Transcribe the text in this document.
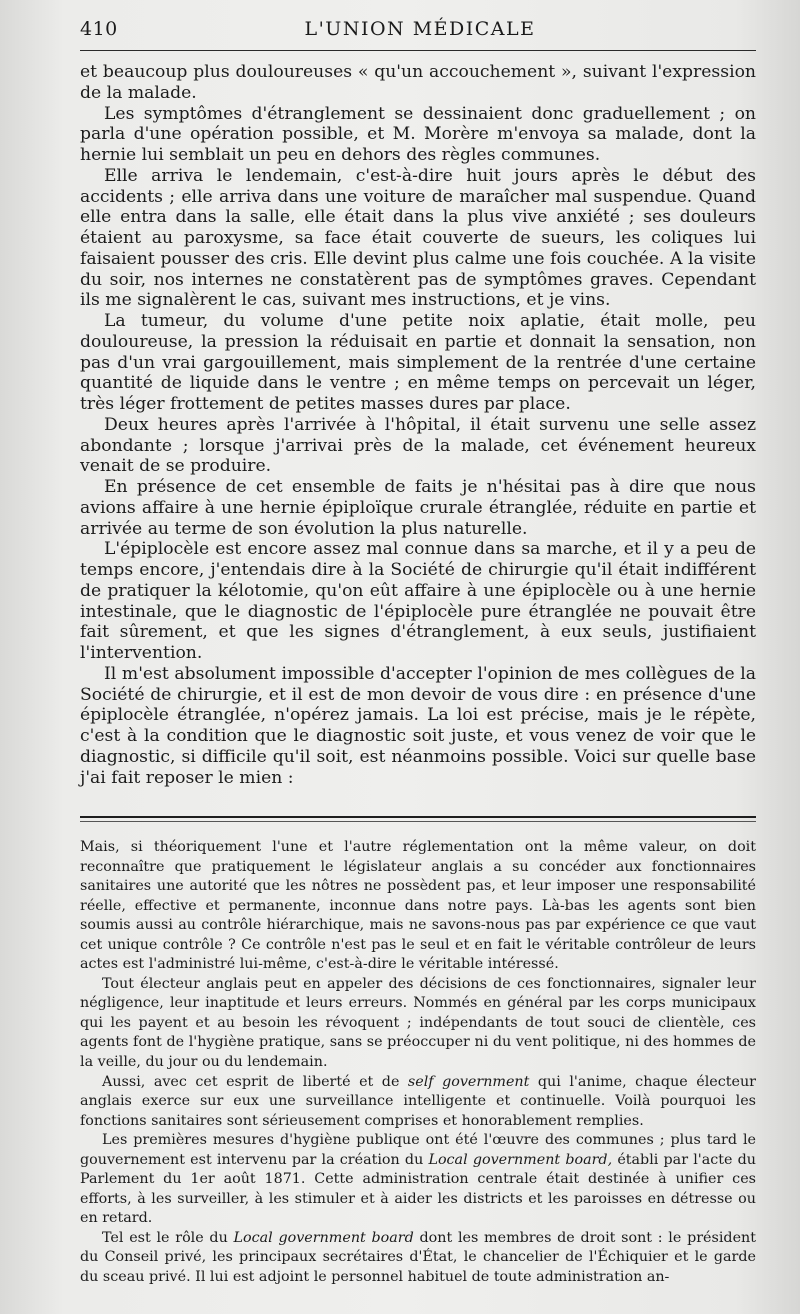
410	L'UNION MÉDICALE

et beaucoup plus douloureuses « qu'un accouchement », suivant l'expression de la malade.

Les symptômes d'étranglement se dessinaient donc graduellement ; on parla d'une opération possible, et M. Morère m'envoya sa malade, dont la hernie lui semblait un peu en dehors des règles communes.

Elle arriva le lendemain, c'est-à-dire huit jours après le début des accidents ; elle arriva dans une voiture de maraîcher mal suspendue. Quand elle entra dans la salle, elle était dans la plus vive anxiété ; ses douleurs étaient au paroxysme, sa face était couverte de sueurs, les coliques lui faisaient pousser des cris. Elle devint plus calme une fois couchée. A la visite du soir, nos internes ne constatèrent pas de symptômes graves. Cependant ils me signalèrent le cas, suivant mes instructions, et je vins.

La tumeur, du volume d'une petite noix aplatie, était molle, peu douloureuse, la pression la réduisait en partie et donnait la sensation, non pas d'un vrai gargouillement, mais simplement de la rentrée d'une certaine quantité de liquide dans le ventre ; en même temps on percevait un léger, très léger frottement de petites masses dures par place.

Deux heures après l'arrivée à l'hôpital, il était survenu une selle assez abondante ; lorsque j'arrivai près de la malade, cet événement heureux venait de se produire.

En présence de cet ensemble de faits je n'hésitai pas à dire que nous avions affaire à une hernie épiploïque crurale étranglée, réduite en partie et arrivée au terme de son évolution la plus naturelle.

L'épiplocèle est encore assez mal connue dans sa marche, et il y a peu de temps encore, j'entendais dire à la Société de chirurgie qu'il était indifférent de pratiquer la kélotomie, qu'on eût affaire à une épiplocèle ou à une hernie intestinale, que le diagnostic de l'épiplocèle pure étranglée ne pouvait être fait sûrement, et que les signes d'étranglement, à eux seuls, justifiaient l'intervention.

Il m'est absolument impossible d'accepter l'opinion de mes collègues de la Société de chirurgie, et il est de mon devoir de vous dire : en présence d'une épiplocèle étranglée, n'opérez jamais. La loi est précise, mais je le répète, c'est à la condition que le diagnostic soit juste, et vous venez de voir que le diagnostic, si difficile qu'il soit, est néanmoins possible. Voici sur quelle base j'ai fait reposer le mien :

Mais, si théoriquement l'une et l'autre réglementation ont la même valeur, on doit reconnaître que pratiquement le législateur anglais a su concéder aux fonctionnaires sanitaires une autorité que les nôtres ne possèdent pas, et leur imposer une responsabilité réelle, effective et permanente, inconnue dans notre pays. Là-bas les agents sont bien soumis aussi au contrôle hiérarchique, mais ne savons-nous pas par expérience ce que vaut cet unique contrôle ? Ce contrôle n'est pas le seul et en fait le véritable contrôleur de leurs actes est l'administré lui-même, c'est-à-dire le véritable intéressé.

Tout électeur anglais peut en appeler des décisions de ces fonctionnaires, signaler leur négligence, leur inaptitude et leurs erreurs. Nommés en général par les corps municipaux qui les payent et au besoin les révoquent ; indépendants de tout souci de clientèle, ces agents font de l'hygiène pratique, sans se préoccuper ni du vent politique, ni des hommes de la veille, du jour ou du lendemain.

Aussi, avec cet esprit de liberté et de self government qui l'anime, chaque électeur anglais exerce sur eux une surveillance intelligente et continuelle. Voilà pourquoi les fonctions sanitaires sont sérieusement comprises et honorablement remplies.

Les premières mesures d'hygiène publique ont été l'œuvre des communes ; plus tard le gouvernement est intervenu par la création du Local government board, établi par l'acte du Parlement du 1er août 1871. Cette administration centrale était destinée à unifier ces efforts, à les surveiller, à les stimuler et à aider les districts et les paroisses en détresse ou en retard.

Tel est le rôle du Local government board dont les membres de droit sont : le président du Conseil privé, les principaux secrétaires d'État, le chancelier de l'Échiquier et le garde du sceau privé. Il lui est adjoint le personnel habituel de toute administration an-
